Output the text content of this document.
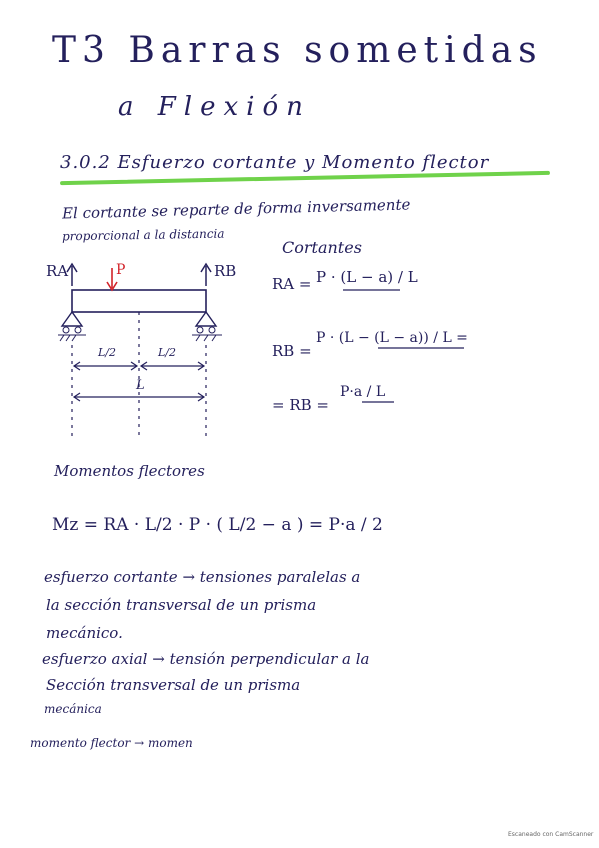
T3 Barras sometidas
a Flexión
3.0.2 Esfuerzo cortante y Momento flector
El cortante se reparte de forma inversamente
proporcional a la distancia
RA	RB
P
L/2	L/2
L
Cortantes
RA = P · (L − a) / L
RB =
P · (L − (L − a)) / L =
= RB =
P·a / L
Momentos flectores
Mz = RA · L/2 · P · ( L/2 − a ) = P·a / 2
esfuerzo cortante → tensiones paralelas a
la sección transversal de un prisma
mecánico.
esfuerzo axial → tensión perpendicular a la
Sección transversal de un prisma
mecánica
momento flector → momen
Escaneado con CamScanner
